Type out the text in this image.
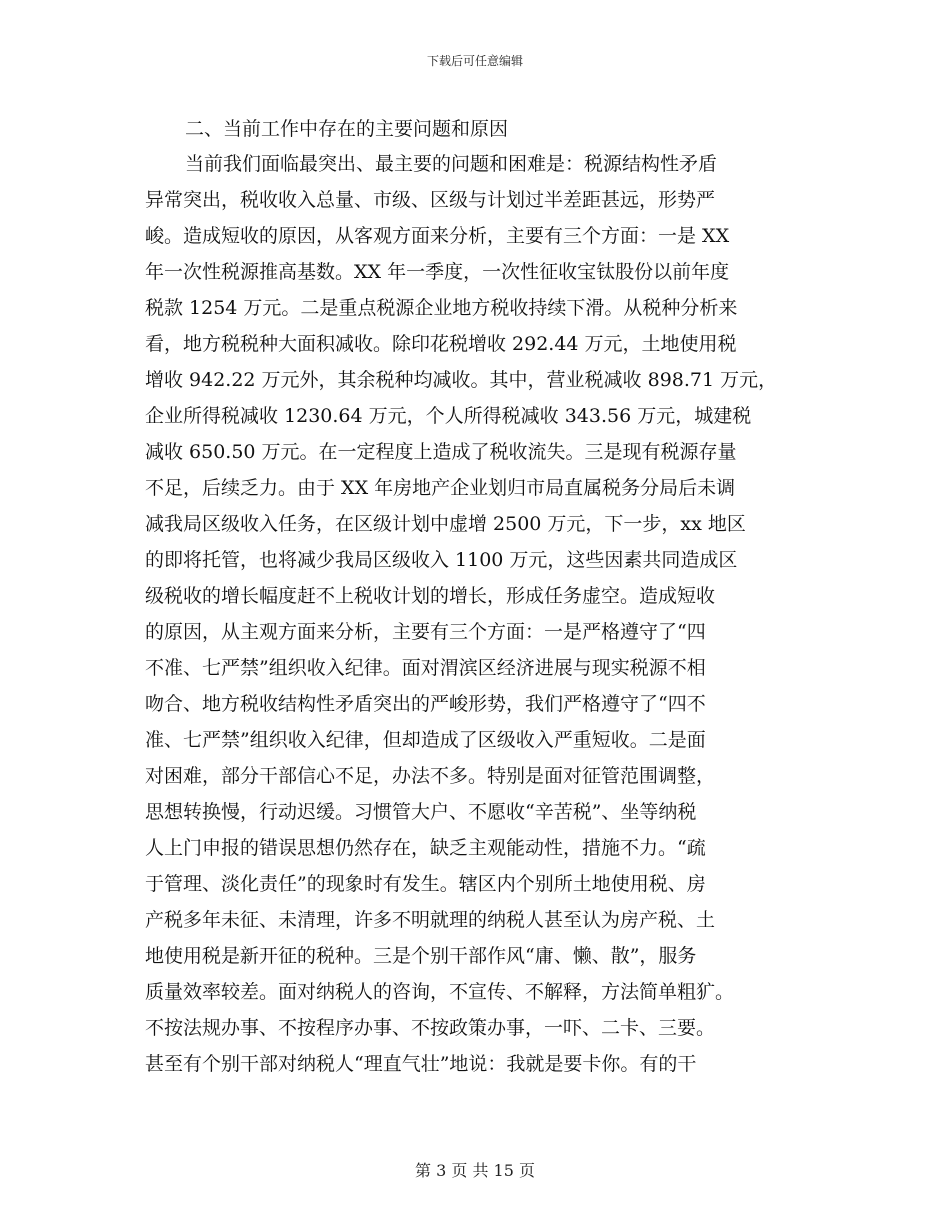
下载后可任意编辑
二、当前工作中存在的主要问题和原因
当前我们面临最突出、最主要的问题和困难是：税源结构性矛盾
异常突出，税收收入总量、市级、区级与计划过半差距甚远，形势严
峻。造成短收的原因，从客观方面来分析，主要有三个方面：一是 XX
年一次性税源推高基数。XX 年一季度，一次性征收宝钛股份以前年度
税款 1254 万元。二是重点税源企业地方税收持续下滑。从税种分析来
看，地方税税种大面积减收。除印花税增收 292.44 万元，土地使用税
增收 942.22 万元外，其余税种均减收。其中，营业税减收 898.71 万元，
企业所得税减收 1230.64 万元，个人所得税减收 343.56 万元，城建税
减收 650.50 万元。在一定程度上造成了税收流失。三是现有税源存量
不足，后续乏力。由于 XX 年房地产企业划归市局直属税务分局后未调
减我局区级收入任务，在区级计划中虚增 2500 万元，下一步，xx 地区
的即将托管，也将减少我局区级收入 1100 万元，这些因素共同造成区
级税收的增长幅度赶不上税收计划的增长，形成任务虚空。造成短收
的原因，从主观方面来分析，主要有三个方面：一是严格遵守了“四
不准、七严禁”组织收入纪律。面对渭滨区经济进展与现实税源不相
吻合、地方税收结构性矛盾突出的严峻形势，我们严格遵守了“四不
准、七严禁”组织收入纪律，但却造成了区级收入严重短收。二是面
对困难，部分干部信心不足，办法不多。特别是面对征管范围调整，
思想转换慢，行动迟缓。习惯管大户、不愿收“辛苦税”、坐等纳税
人上门申报的错误思想仍然存在，缺乏主观能动性，措施不力。“疏
于管理、淡化责任”的现象时有发生。辖区内个别所土地使用税、房
产税多年未征、未清理，许多不明就理的纳税人甚至认为房产税、土
地使用税是新开征的税种。三是个别干部作风“庸、懒、散”，服务
质量效率较差。面对纳税人的咨询，不宣传、不解释，方法简单粗犷。
不按法规办事、不按程序办事、不按政策办事，一吓、二卡、三要。
甚至有个别干部对纳税人“理直气壮”地说：我就是要卡你。有的干
第 3 页 共 15 页
